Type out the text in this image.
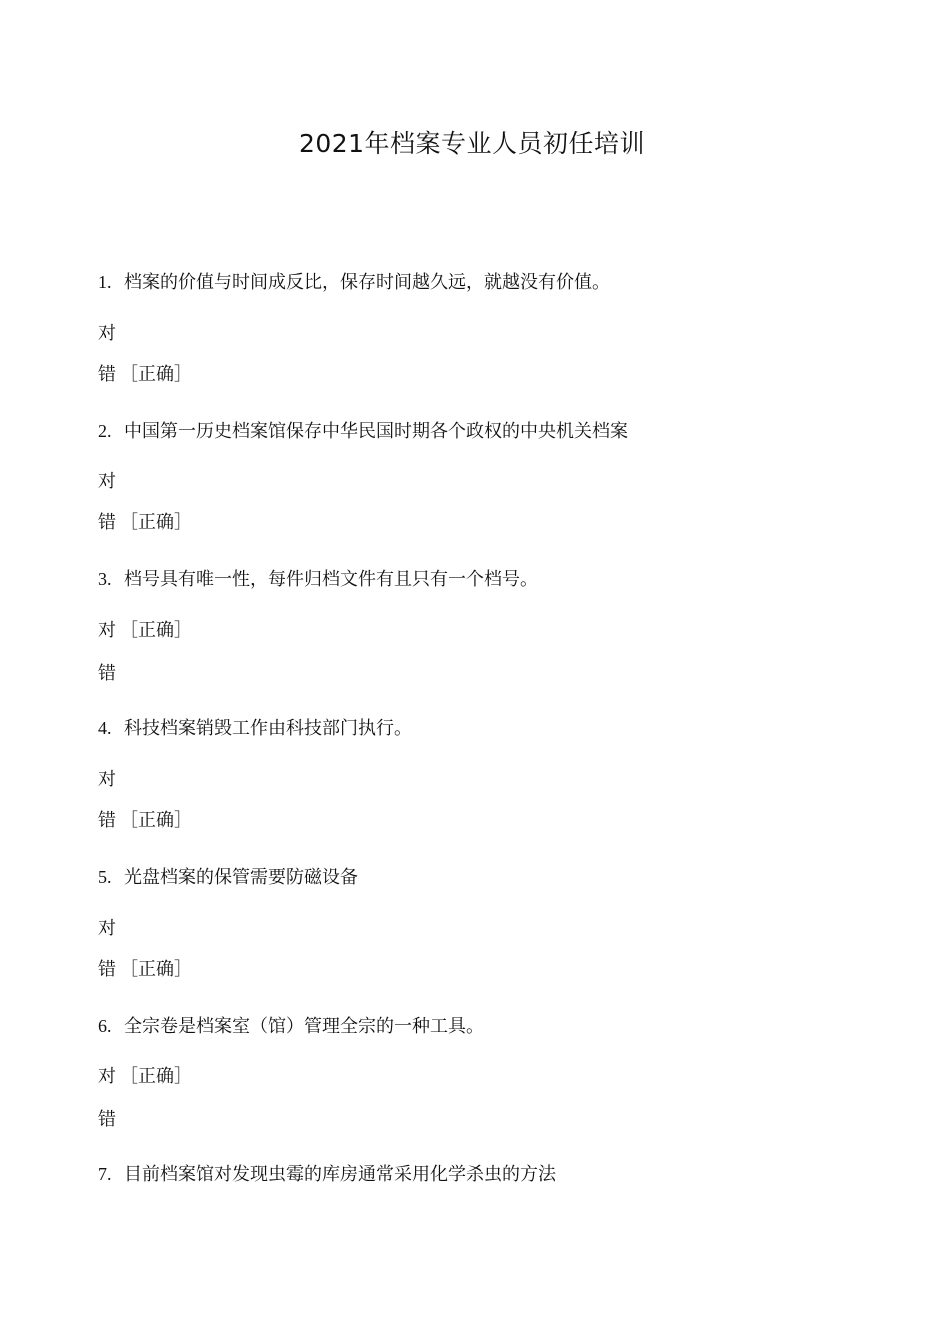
2021年档案专业人员初任培训
1. 档案的价值与时间成反比，保存时间越久远，就越没有价值。
对
错 ［正确］
2. 中国第一历史档案馆保存中华民国时期各个政权的中央机关档案
对
错 ［正确］
3. 档号具有唯一性，每件归档文件有且只有一个档号。
对 ［正确］
错
4. 科技档案销毁工作由科技部门执行。
对
错 ［正确］
5. 光盘档案的保管需要防磁设备
对
错 ［正确］
6. 全宗卷是档案室（馆）管理全宗的一种工具。
对 ［正确］
错
7. 目前档案馆对发现虫霉的库房通常采用化学杀虫的方法
